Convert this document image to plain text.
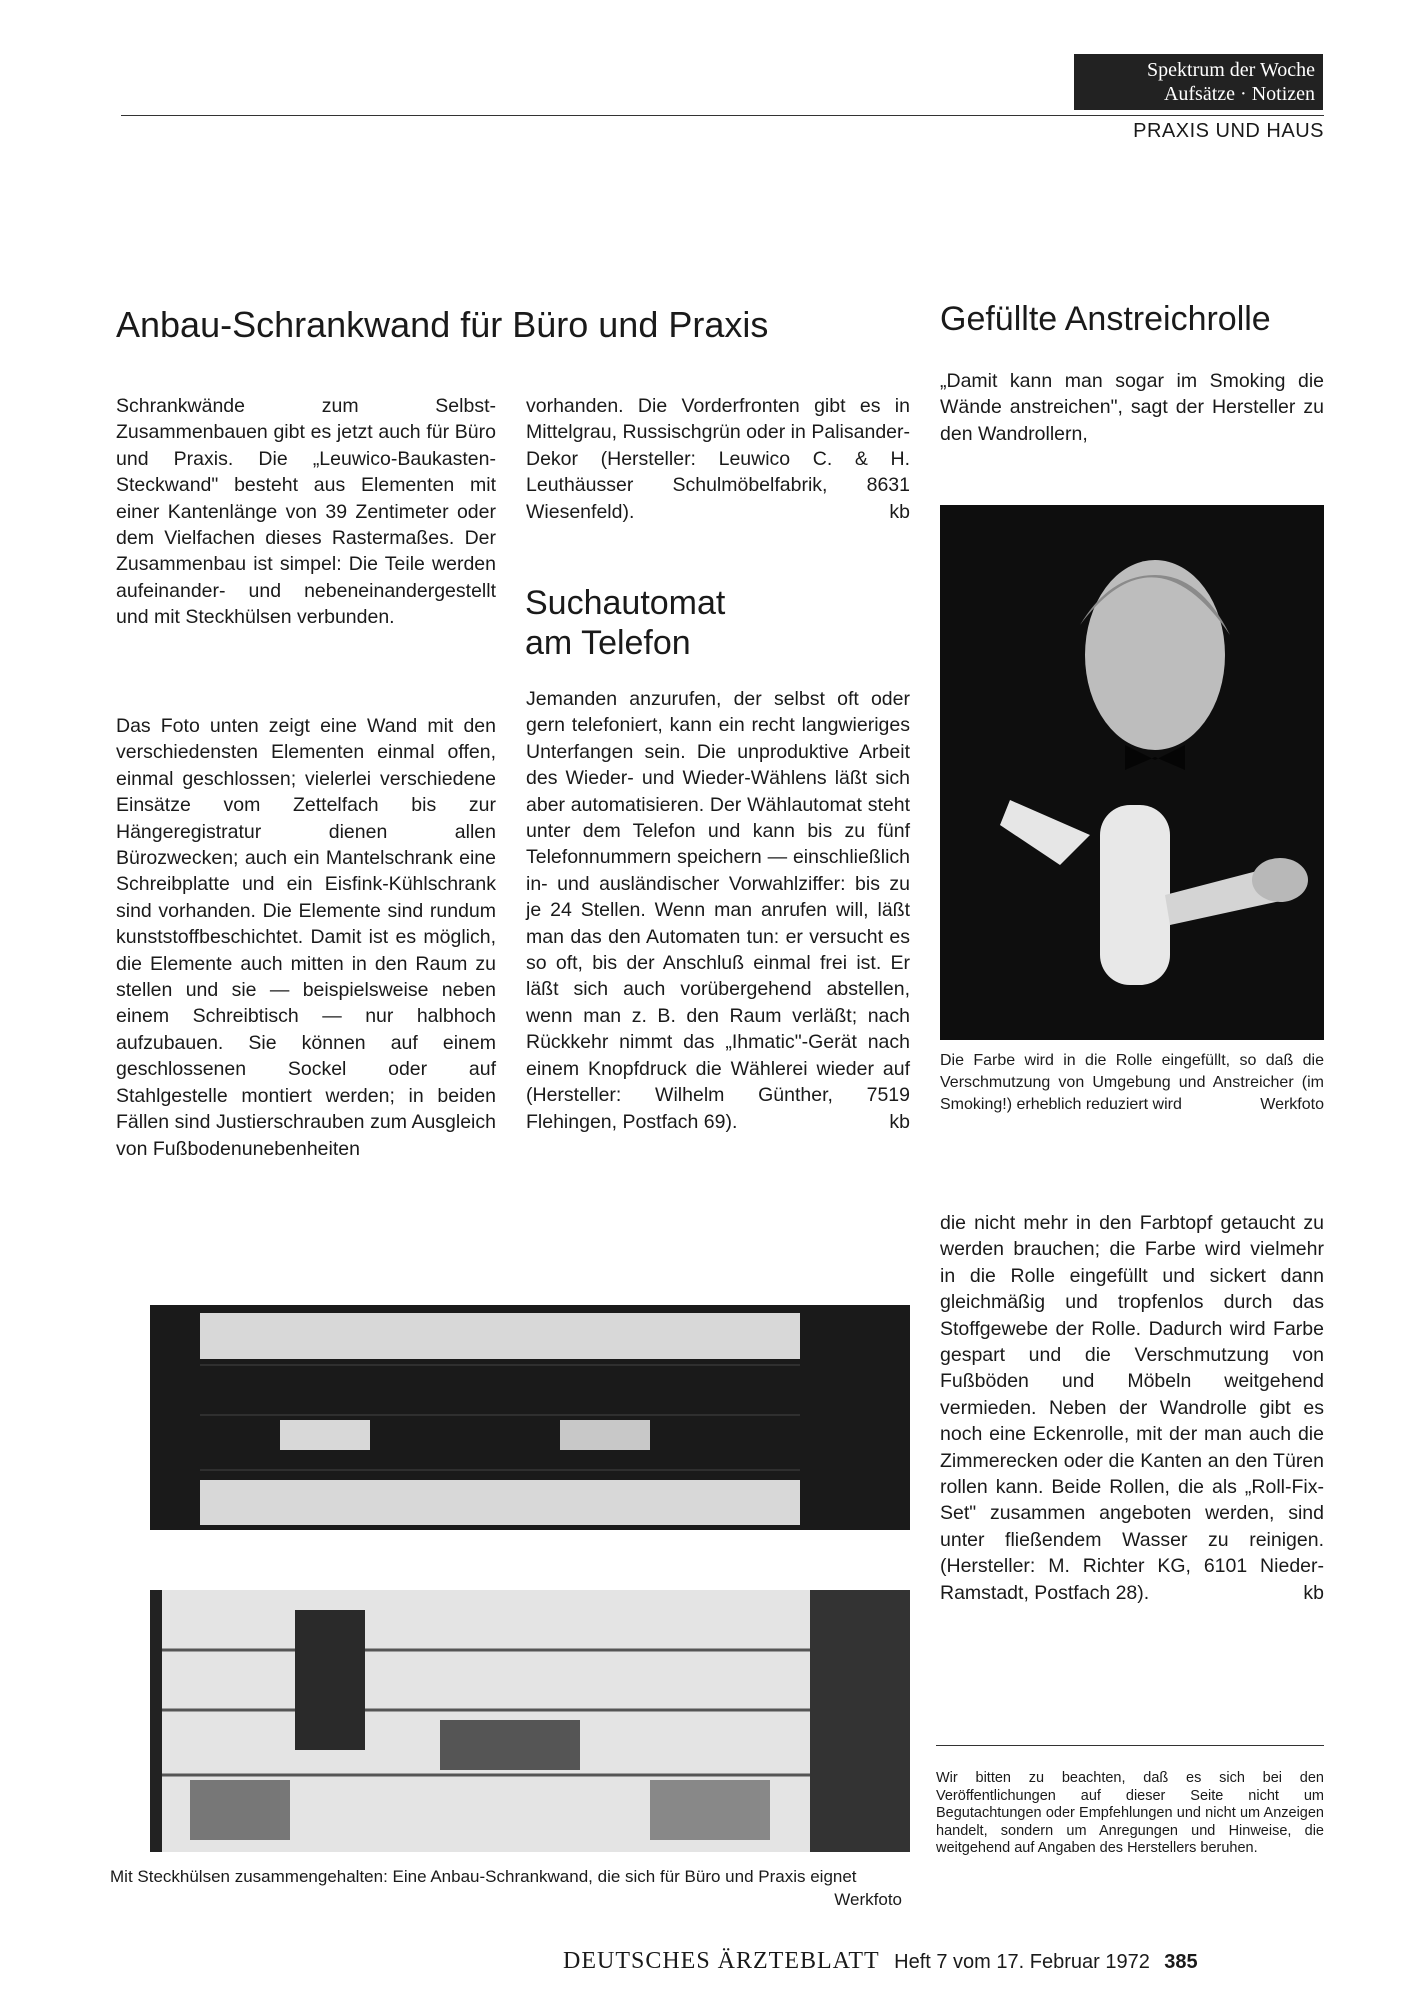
Spektrum der Woche
Aufsätze · Notizen
PRAXIS UND HAUS
Anbau-Schrankwand für Büro und Praxis	Gefüllte Anstreichrolle

Schrankwände zum Selbst-Zusammenbauen gibt es jetzt auch für Büro und Praxis. Die „Leuwico-Baukasten-Steckwand" besteht aus Elementen mit einer Kantenlänge von 39 Zentimeter oder dem Vielfachen dieses Rastermaßes. Der Zusammenbau ist simpel: Die Teile werden aufeinander- und nebeneinandergestellt und mit Steckhülsen verbunden.

Das Foto unten zeigt eine Wand mit den verschiedensten Elementen einmal offen, einmal geschlossen; vielerlei verschiedene Einsätze vom Zettelfach bis zur Hängeregistratur dienen allen Bürozwecken; auch ein Mantelschrank eine Schreibplatte und ein Eisfink-Kühlschrank sind vorhanden. Die Elemente sind rundum kunststoffbeschichtet. Damit ist es möglich, die Elemente auch mitten in den Raum zu stellen und sie — beispielsweise neben einem Schreibtisch — nur halbhoch aufzubauen. Sie können auf einem geschlossenen Sockel oder auf Stahlgestelle montiert werden; in beiden Fällen sind Justierschrauben zum Ausgleich von Fußbodenunebenheiten

vorhanden. Die Vorderfronten gibt es in Mittelgrau, Russischgrün oder in Palisander-Dekor (Hersteller: Leuwico C. & H. Leuthäusser Schulmöbelfabrik, 8631 Wiesenfeld).	kb

Suchautomat
am Telefon

Jemanden anzurufen, der selbst oft oder gern telefoniert, kann ein recht langwieriges Unterfangen sein. Die unproduktive Arbeit des Wieder- und Wieder-Wählens läßt sich aber automatisieren. Der Wählautomat steht unter dem Telefon und kann bis zu fünf Telefonnummern speichern — einschließlich in- und ausländischer Vorwahlziffer: bis zu je 24 Stellen. Wenn man anrufen will, läßt man das den Automaten tun: er versucht es so oft, bis der Anschluß einmal frei ist. Er läßt sich auch vorübergehend abstellen, wenn man z. B. den Raum verläßt; nach Rückkehr nimmt das „Ihmatic"-Gerät nach einem Knopfdruck die Wählerei wieder auf (Hersteller: Wilhelm Günther, 7519 Flehingen, Postfach 69).	kb

„Damit kann man sogar im Smoking die Wände anstreichen", sagt der Hersteller zu den Wandrollern,

Die Farbe wird in die Rolle eingefüllt, so daß die Verschmutzung von Umgebung und Anstreicher (im Smoking!) erheblich reduziert wird	Werkfoto

die nicht mehr in den Farbtopf getaucht zu werden brauchen; die Farbe wird vielmehr in die Rolle eingefüllt und sickert dann gleichmäßig und tropfenlos durch das Stoffgewebe der Rolle. Dadurch wird Farbe gespart und die Verschmutzung von Fußböden und Möbeln weitgehend vermieden. Neben der Wandrolle gibt es noch eine Eckenrolle, mit der man auch die Zimmerecken oder die Kanten an den Türen rollen kann. Beide Rollen, die als „Roll-Fix-Set" zusammen angeboten werden, sind unter fließendem Wasser zu reinigen. (Hersteller: M. Richter KG, 6101 Nieder-Ramstadt, Postfach 28).	kb

Mit Steckhülsen zusammengehalten: Eine Anbau-Schrankwand, die sich für Büro und Praxis eignet
Werkfoto
Wir bitten zu beachten, daß es sich bei den Veröffentlichungen auf dieser Seite nicht um Begutachtungen oder Empfehlungen und nicht um Anzeigen handelt, sondern um Anregungen und Hinweise, die weitgehend auf Angaben des Herstellers beruhen.
DEUTSCHES ÄRZTEBLATT Heft 7 vom 17. Februar 1972 385
